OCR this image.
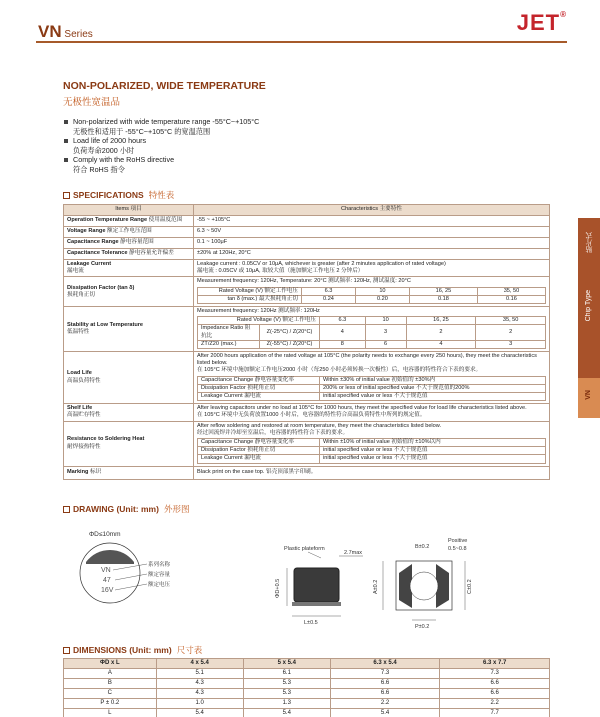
VN Series	JET®
NON-POLARIZED, WIDE TEMPERATURE
无极性宽温品
Non-polarized with wide temperature range -55°C~+105°C
无极性和适用于 -55°C~+105°C 的宽温范围
Load life of 2000 hours
负荷寿命2000 小时
Comply with the RoHS directive
符合 RoHS 指令
SPECIFICATIONS 特性表
Items 项目	Characteristics 主要特性
Operation Temperature Range 使用温度范围	-55 ~ +105°C
Voltage Range 额定工作电压范围	6.3 ~ 50V
Capacitance Range 静电容量范围	0.1 ~ 100μF
Capacitance Tolerance 静电容量允许偏差	±20% at 120Hz, 20°C
Leakage Current
漏电流

Leakage current : 0.05CV or 10μA, whichever is greater (after 2 minutes application of rated voltage)
漏电流 : 0.05CV 或 10μA, 取较大值（施加额定工作电压 2 分钟后）

Dissipation Factor (tan δ)
损耗角正切

Measurement frequency: 120Hz, Temperature: 20°C 测试频率: 120Hz, 测试温度: 20°C
Rated Voltage (V) 额定工作电压	6.3	10	16, 25	35, 50
tan δ (max.) 最大损耗角正切	0.24	0.20	0.18	0.16

Stability at Low Temperature
低温特性

Measurement frequency: 120Hz 测试频率: 120Hz
Rated Voltage (V) 额定工作电压	6.3	10	16, 25	35, 50
Impedance Ratio 阻抗比	Z(-25°C) / Z(20°C)	4	3	2	2
ZT/Z20 (max.)	Z(-55°C) / Z(20°C)	8	6	4	3

Load Life
高温负荷特性

After 2000 hours application of the rated voltage at 105°C (the polarity needs to exchange every 250 hours), they meet the characteristics listed below.
在 105°C 环境中施加额定工作电压2000 小时（每250 小时必须转换一次极性）后，电容器的特性符合下表的要求。
Capacitance Change 静电容量变化率	Within ±30% of initial value 初始值的 ±30%内
Dissipation Factor 损耗角正切	200% or less of initial specified value 不大于规范值的200%
Leakage Current 漏电流	initial specified value or less 不大于规范值

Shelf Life
高温贮存特性

After leaving capacitors under no load at 105°C for 1000 hours, they meet the specified value for load life characteristics listed above.
在 105°C 环境中无负荷放置1000 小时后，电容器的特性符合高温负荷特性中所列的规定值。

Resistance to Soldering Heat
耐焊接热特性

After reflow soldering and restored at room temperature, they meet the characteristics listed below.
经过回流焊并冷却至室温后，电容器的特性符合下表的要求。
Capacitance Change 静电容量变化率	Within ±10% of initial value 初始值的 ±10%以内
Dissipation Factor 损耗角正切	initial specified value or less 不大于规范值
Leakage Current 漏电流	initial specified value or less 不大于规范值

Marking 标识	Black print on the case top. 铝壳顶部黑字印刷。
贴片式
Chip Type
VN
DRAWING (Unit: mm) 外形图
ΦD≤10mm
VN
47
16V
系列名称
额定容量
额定电压
Plastic plateform
2.7max
ΦD+0.5
L±0.5
B±0.2
Positive
0.5~0.8
A±0.2	C±0.2
P±0.2
DIMENSIONS (Unit: mm) 尺寸表
ΦD x L	4 x 5.4	5 x 5.4	6.3 x 5.4	6.3 x 7.7
A	5.1	6.1	7.3	7.3
B	4.3	5.3	6.6	6.6
C	4.3	5.3	6.6	6.6
P ± 0.2	1.0	1.3	2.2	2.2
L	5.4	5.4	5.4	7.7
